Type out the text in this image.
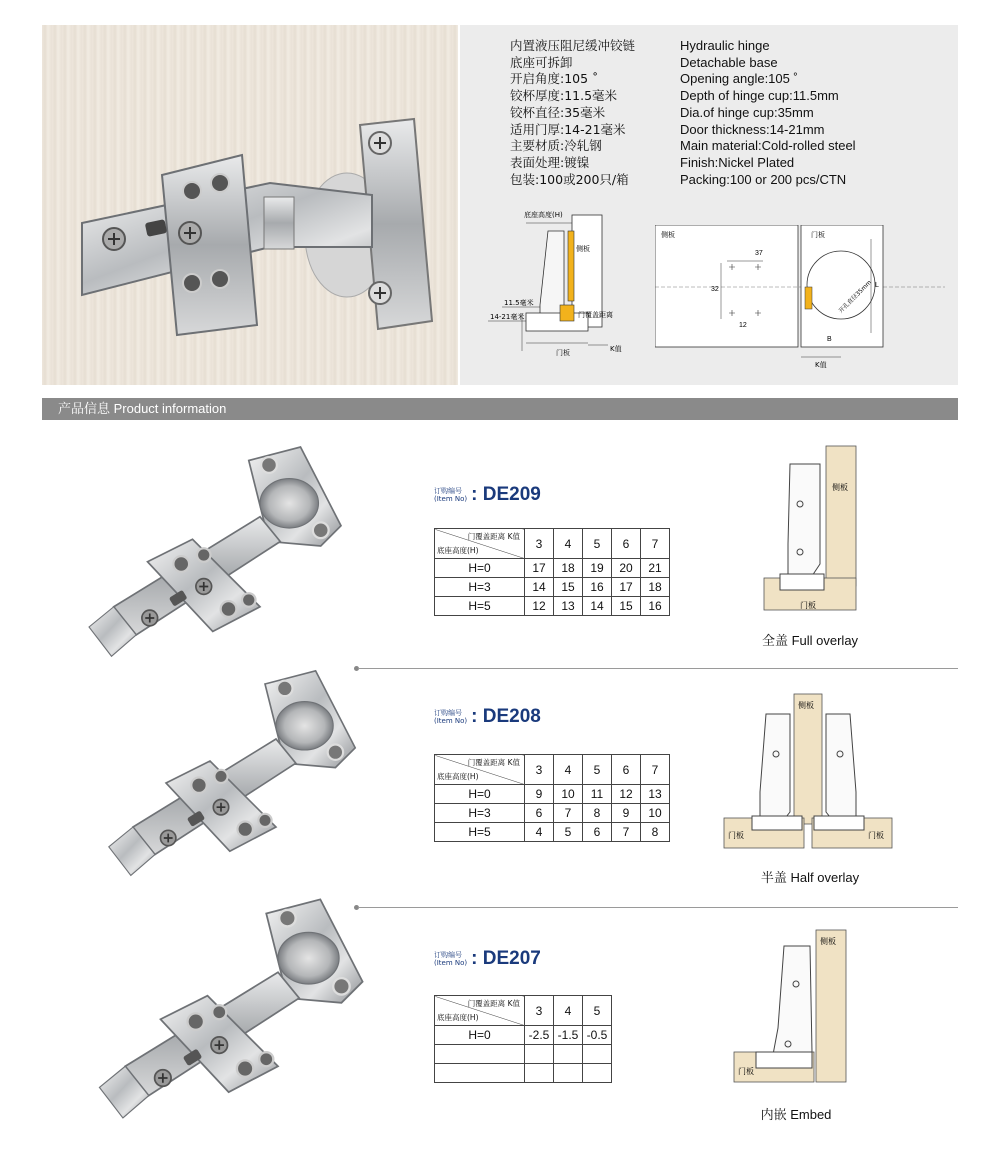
内置液压阻尼缓冲铰链	Hydraulic hinge
底座可拆卸	Detachable base
开启角度:105 ˚	Opening angle:105 ˚
铰杯厚度:11.5毫米	Depth of hinge cup:11.5mm
铰杯直径:35毫米	Dia.of hinge cup:35mm
适用门厚:14-21毫米	Door thickness:14-21mm
主要材质:冷轧钢	Main material:Cold-rolled steel
表面处理:镀镍	Finish:Nickel Plated
包装:100或200只/箱	Packing:100 or 200 pcs/CTN
底座高度(H)
侧板
门覆盖距离
11.5毫米
14-21毫米
门板	K值
侧板
37
32
12
门板
开孔直径35mm L
B
K值
产品信息 Product information
订购编号
(Item No) : DE209
门覆盖距离 K值
底座高度(H)	3	4	5	6	7
H=0	17	18	19	20	21
H=3	14	15	16	17	18
H=5	12	13	14	15	16
侧板
门板
全盖 Full overlay
订购编号
(Item No) : DE208
门覆盖距离 K值
底座高度(H)	3	4	5	6	7
H=0	9	10	11	12	13
H=3	6	7	8	9	10
H=5	4	5	6	7	8
侧板
门板	门板
半盖 Half overlay
订购编号
(Item No) : DE207
门覆盖距离 K值
底座高度(H)	3	4	5
H=0	-2.5	-1.5	-0.5

侧板
门板
内嵌 Embed
